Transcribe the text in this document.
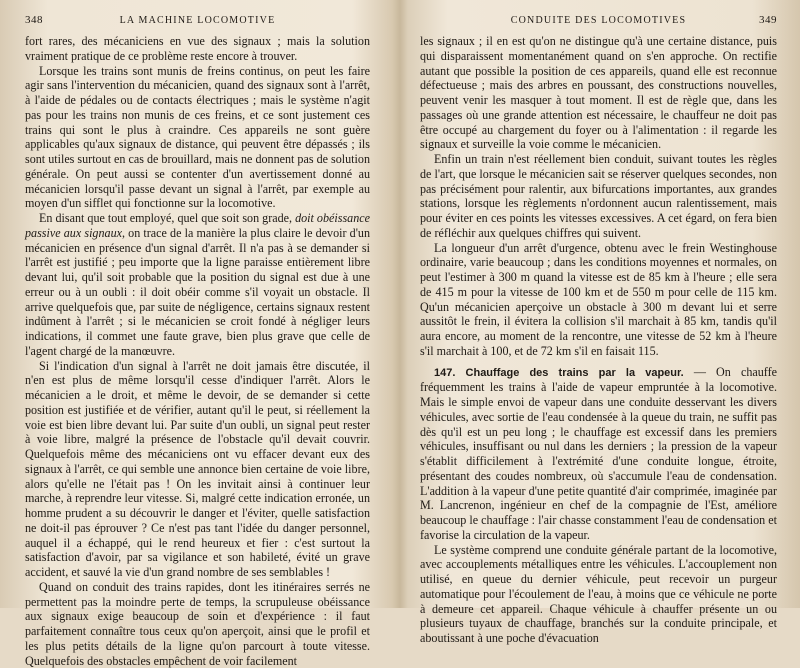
348	LA MACHINE LOCOMOTIVE

fort rares, des mécaniciens en vue des signaux ; mais la solution vraiment pratique de ce problème reste encore à trouver.

Lorsque les trains sont munis de freins continus, on peut les faire agir sans l'intervention du mécanicien, quand des signaux sont à l'arrêt, à l'aide de pédales ou de contacts électriques ; mais le système n'agit pas pour les trains non munis de ces freins, et ce sont justement ces trains qui sont le plus à craindre. Ces appareils ne sont guère applicables qu'aux signaux de distance, qui peuvent être dépassés ; ils sont utiles surtout en cas de brouillard, mais ne donnent pas de solution générale. On peut aussi se contenter d'un avertissement donné au mécanicien lorsqu'il passe devant un signal à l'arrêt, par exemple au moyen d'un sifflet qui fonctionne sur la locomotive.

En disant que tout employé, quel que soit son grade, doit obéissance passive aux signaux, on trace de la manière la plus claire le devoir d'un mécanicien en présence d'un signal d'arrêt. Il n'a pas à se demander si l'arrêt est justifié ; peu importe que la ligne paraisse entièrement libre devant lui, qu'il soit probable que la position du signal est due à une erreur ou à un oubli : il doit obéir comme s'il voyait un obstacle. Il arrive quelquefois que, par suite de négligence, certains signaux restent indûment à l'arrêt ; si le mécanicien se croit fondé à négliger leurs indications, il commet une faute grave, bien plus grave que celle de l'agent chargé de la manœuvre.

Si l'indication d'un signal à l'arrêt ne doit jamais être discutée, il n'en est plus de même lorsqu'il cesse d'indiquer l'arrêt. Alors le mécanicien a le droit, et même le devoir, de se demander si cette position est justifiée et de vérifier, autant qu'il le peut, si réellement la voie est bien libre devant lui. Par suite d'un oubli, un signal peut rester à voie libre, malgré la présence de l'obstacle qu'il devait couvrir. Quelquefois même des mécaniciens ont vu effacer devant eux des signaux à l'arrêt, ce qui semble une annonce bien certaine de voie libre, alors qu'elle ne l'était pas ! On les invitait ainsi à continuer leur marche, à reprendre leur vitesse. Si, malgré cette indication erronée, un homme prudent a su découvrir le danger et l'éviter, quelle satisfaction ne doit-il pas éprouver ? Ce n'est pas tant l'idée du danger personnel, auquel il a échappé, qui le rend heureux et fier : c'est surtout la satisfaction d'avoir, par sa vigilance et son habileté, évité un grave accident, et sauvé la vie d'un grand nombre de ses semblables !

Quand on conduit des trains rapides, dont les itinéraires serrés ne permettent pas la moindre perte de temps, la scrupuleuse obéissance aux signaux exige beaucoup de soin et d'expérience : il faut parfaitement connaître tous ceux qu'on aperçoit, ainsi que le profil et les plus petits détails de la ligne qu'on parcourt à toute vitesse. Quelquefois des obstacles empêchent de voir facilement

CONDUITE DES LOCOMOTIVES	349

les signaux ; il en est qu'on ne distingue qu'à une certaine distance, puis qui disparaissent momentanément quand on s'en approche. On rectifie autant que possible la position de ces appareils, quand elle est reconnue défectueuse ; mais des arbres en poussant, des constructions nouvelles, peuvent venir les masquer à tout moment. Il est de règle que, dans les passages où une grande attention est nécessaire, le chauffeur ne doit pas être occupé au chargement du foyer ou à l'alimentation : il regarde les signaux et surveille la voie comme le mécanicien.

Enfin un train n'est réellement bien conduit, suivant toutes les règles de l'art, que lorsque le mécanicien sait se réserver quelques secondes, non pas précisément pour ralentir, aux bifurcations importantes, aux grandes stations, lorsque les règlements n'ordonnent aucun ralentissement, mais pour éviter en ces points les vitesses excessives. A cet égard, on fera bien de réfléchir aux quelques chiffres qui suivent.

La longueur d'un arrêt d'urgence, obtenu avec le frein Westinghouse ordinaire, varie beaucoup ; dans les conditions moyennes et normales, on peut l'estimer à 300 m quand la vitesse est de 85 km à l'heure ; elle sera de 415 m pour la vitesse de 100 km et de 550 m pour celle de 115 km. Qu'un mécanicien aperçoive un obstacle à 300 m devant lui et serre aussitôt le frein, il évitera la collision s'il marchait à 85 km, tandis qu'il aura encore, au moment de la rencontre, une vitesse de 52 km à l'heure s'il marchait à 100, et de 72 km s'il en faisait 115.

147. Chauffage des trains par la vapeur. — On chauffe fréquemment les trains à l'aide de vapeur empruntée à la locomotive. Mais le simple envoi de vapeur dans une conduite desservant les divers véhicules, avec sortie de l'eau condensée à la queue du train, ne suffit pas dès qu'il est un peu long ; le chauffage est excessif dans les premiers véhicules, insuffisant ou nul dans les derniers ; la pression de la vapeur s'établit difficilement à l'extrémité d'une conduite longue, étroite, présentant des coudes nombreux, où s'accumule l'eau de condensation. L'addition à la vapeur d'une petite quantité d'air comprimée, imaginée par M. Lancrenon, ingénieur en chef de la compagnie de l'Est, améliore beaucoup le chauffage : l'air chasse constamment l'eau de condensation et favorise la circulation de la vapeur.

Le système comprend une conduite générale partant de la locomotive, avec accouplements métalliques entre les véhicules. L'accouplement non utilisé, en queue du dernier véhicule, peut recevoir un purgeur automatique pour l'écoulement de l'eau, à moins que ce véhicule ne porte à demeure cet appareil. Chaque véhicule à chauffer présente un ou plusieurs tuyaux de chauffage, branchés sur la conduite principale, et aboutissant à une poche d'évacuation
